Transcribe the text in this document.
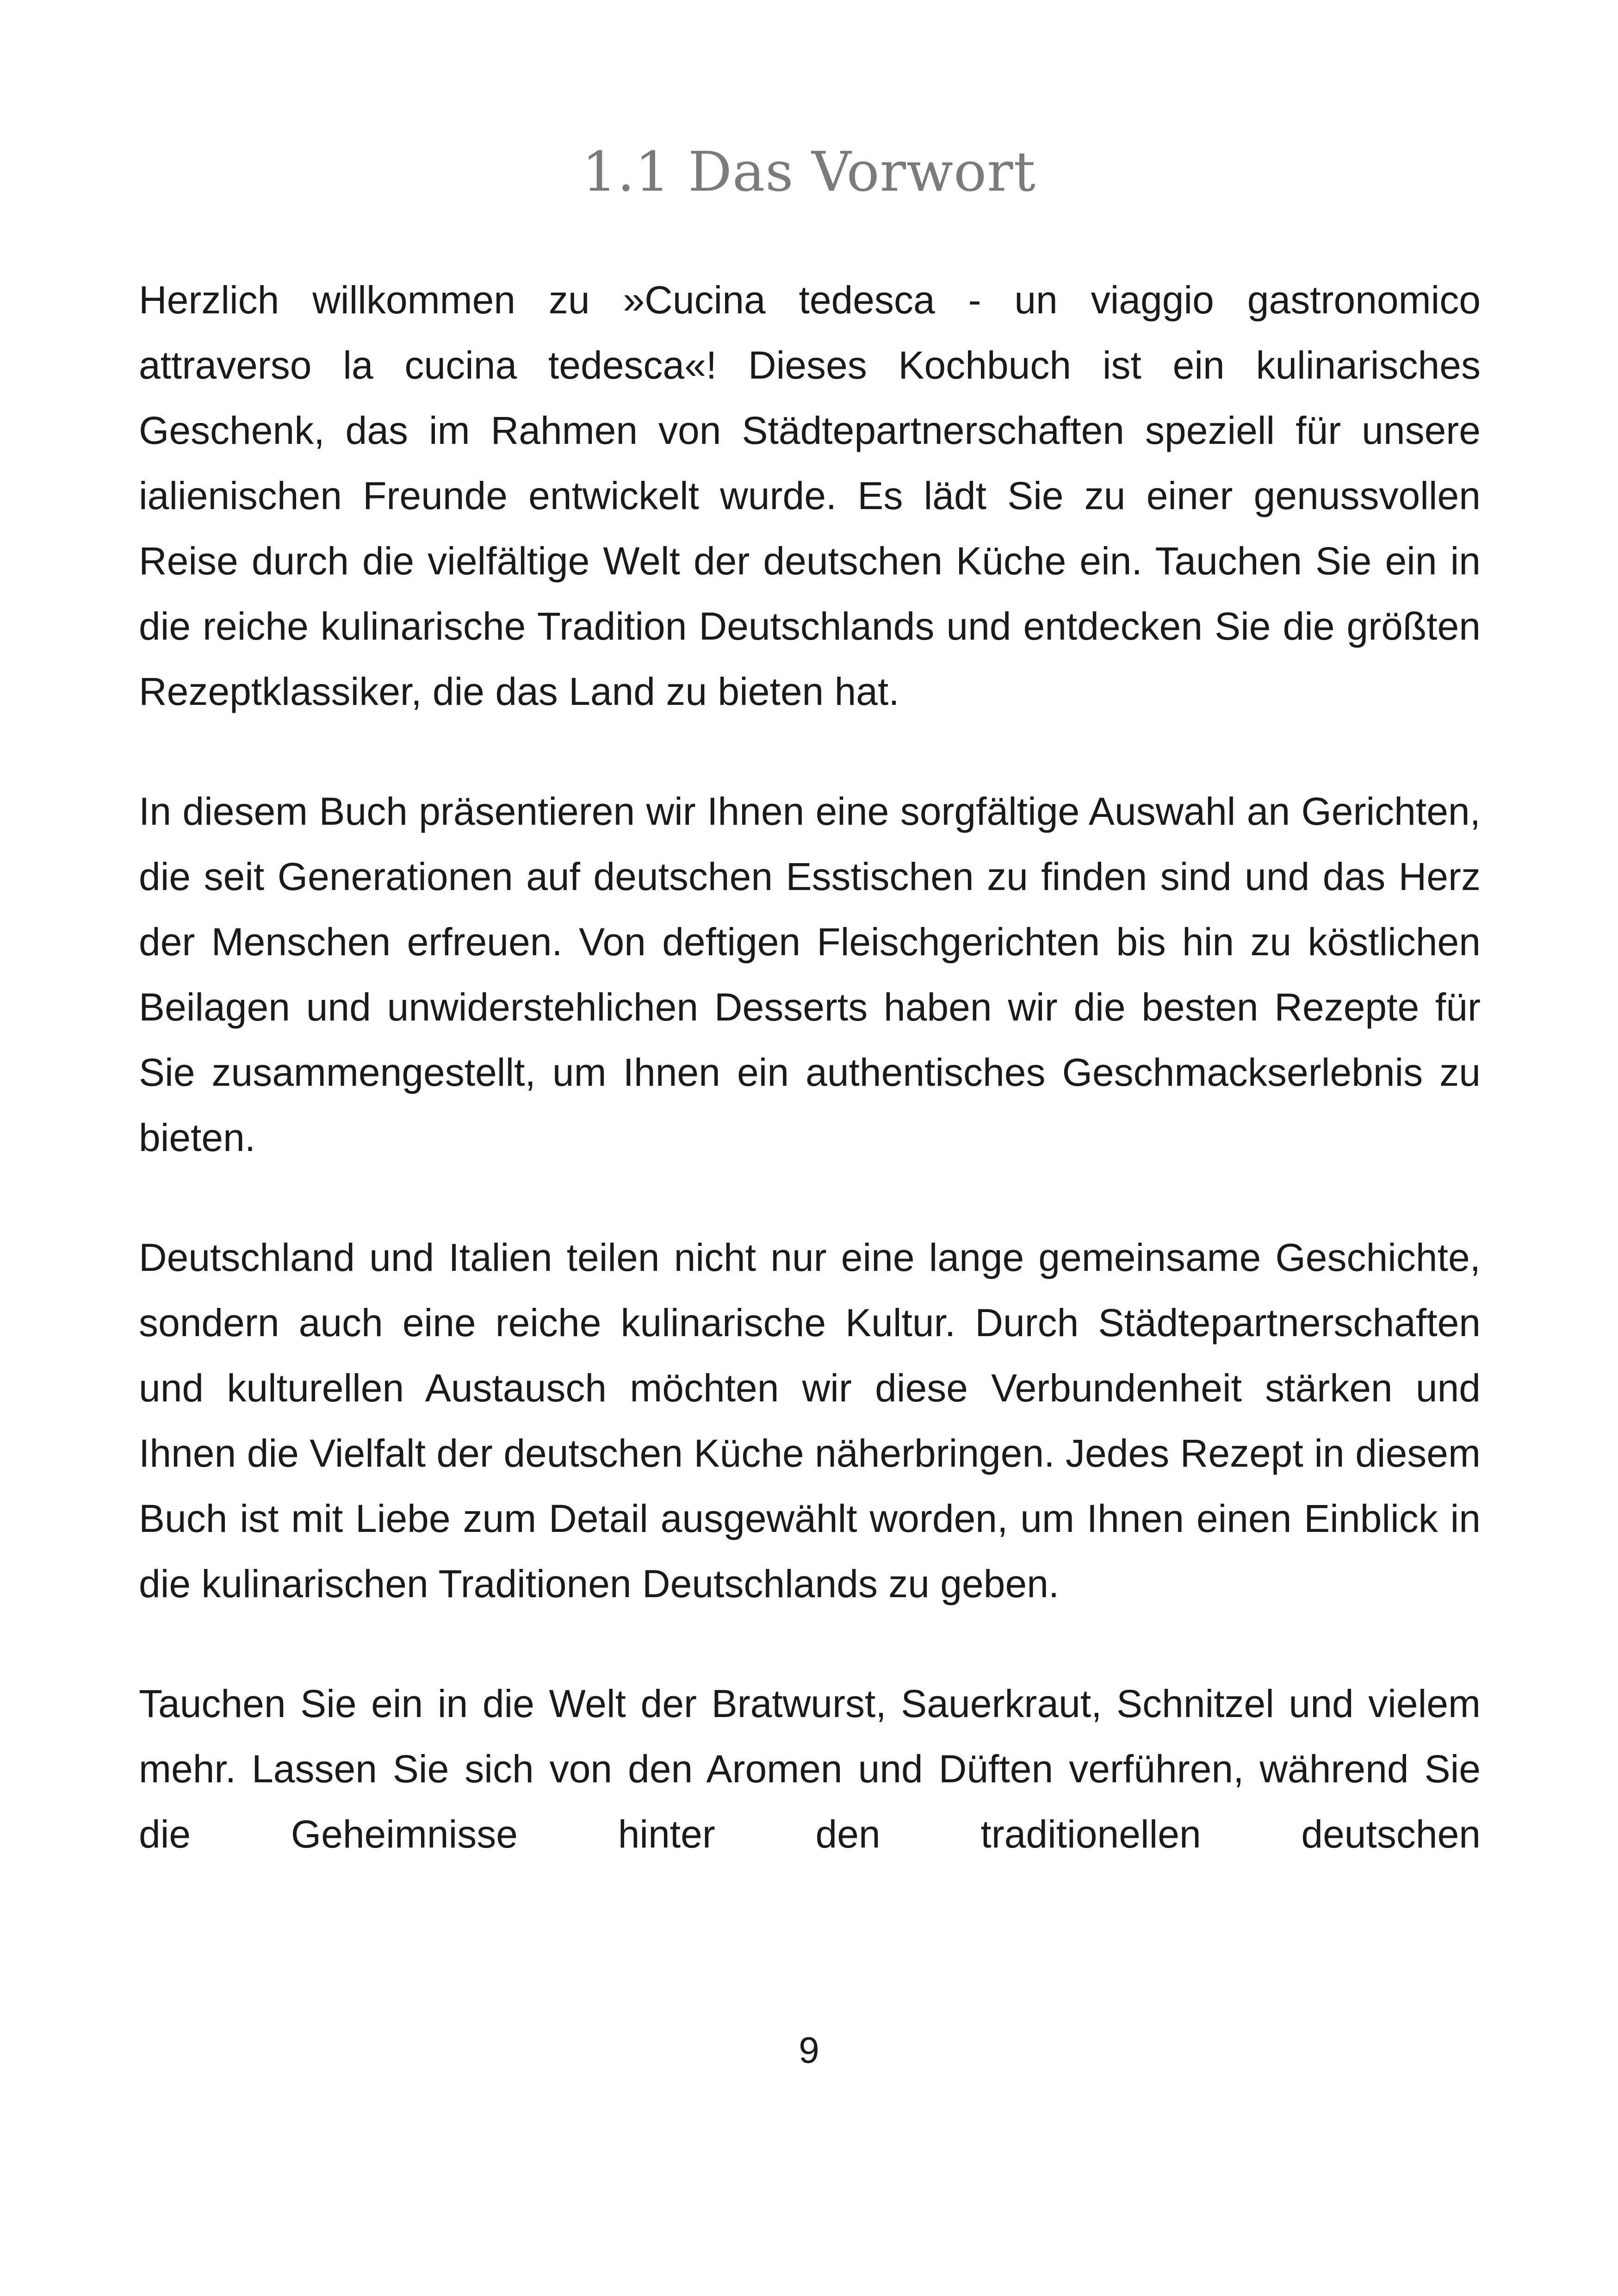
1.1 Das Vorwort

Herzlich willkommen zu »Cucina tedesca - un viaggio gastronomico attraverso la cucina tedesca«! Dieses Kochbuch ist ein kulinarisches Geschenk, das im Rahmen von Städtepartnerschaften speziell für unsere ialienischen Freunde entwickelt wurde. Es lädt Sie zu einer genussvollen Reise durch die vielfältige Welt der deutschen Küche ein. Tauchen Sie ein in die reiche kulinarische Tradition Deutschlands und entdecken Sie die größten Rezeptklassiker, die das Land zu bieten hat.

In diesem Buch präsentieren wir Ihnen eine sorgfältige Auswahl an Gerichten, die seit Generationen auf deutschen Esstischen zu finden sind und das Herz der Menschen erfreuen. Von deftigen Fleischgerichten bis hin zu köstlichen Beilagen und unwiderstehlichen Desserts haben wir die besten Rezepte für Sie zusammengestellt, um Ihnen ein authentisches Geschmackserlebnis zu bieten.

Deutschland und Italien teilen nicht nur eine lange gemeinsame Geschichte, sondern auch eine reiche kulinarische Kultur. Durch Städtepartnerschaften und kulturellen Austausch möchten wir diese Verbundenheit stärken und Ihnen die Vielfalt der deutschen Küche näherbringen. Jedes Rezept in diesem Buch ist mit Liebe zum Detail ausgewählt worden, um Ihnen einen Einblick in die kulinarischen Traditionen Deutschlands zu geben.

Tauchen Sie ein in die Welt der Bratwurst, Sauerkraut, Schnitzel und vielem mehr. Lassen Sie sich von den Aromen und Düften verführen, während Sie die Geheimnisse hinter den traditionellen deutschen

9
